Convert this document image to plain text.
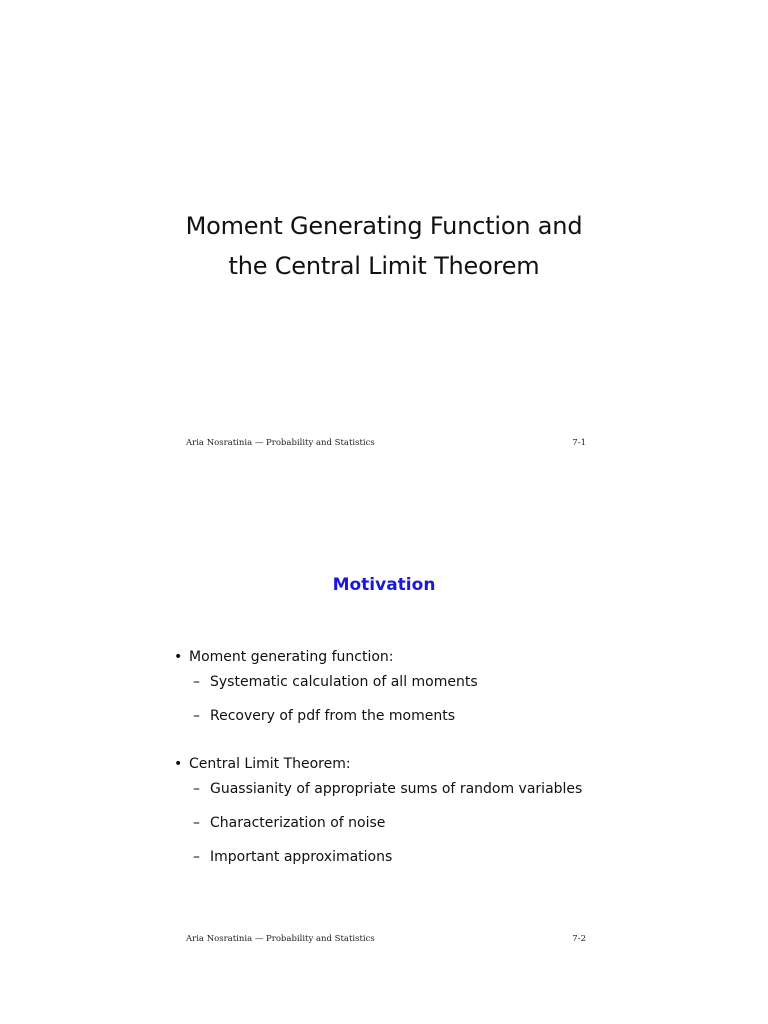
Moment Generating Function and
the Central Limit Theorem
Aria Nosratinia — Probability and Statistics	7-1
Motivation
• Moment generating function:
– Systematic calculation of all moments
– Recovery of pdf from the moments
• Central Limit Theorem:
– Guassianity of appropriate sums of random variables
– Characterization of noise
– Important approximations
Aria Nosratinia — Probability and Statistics	7-2
